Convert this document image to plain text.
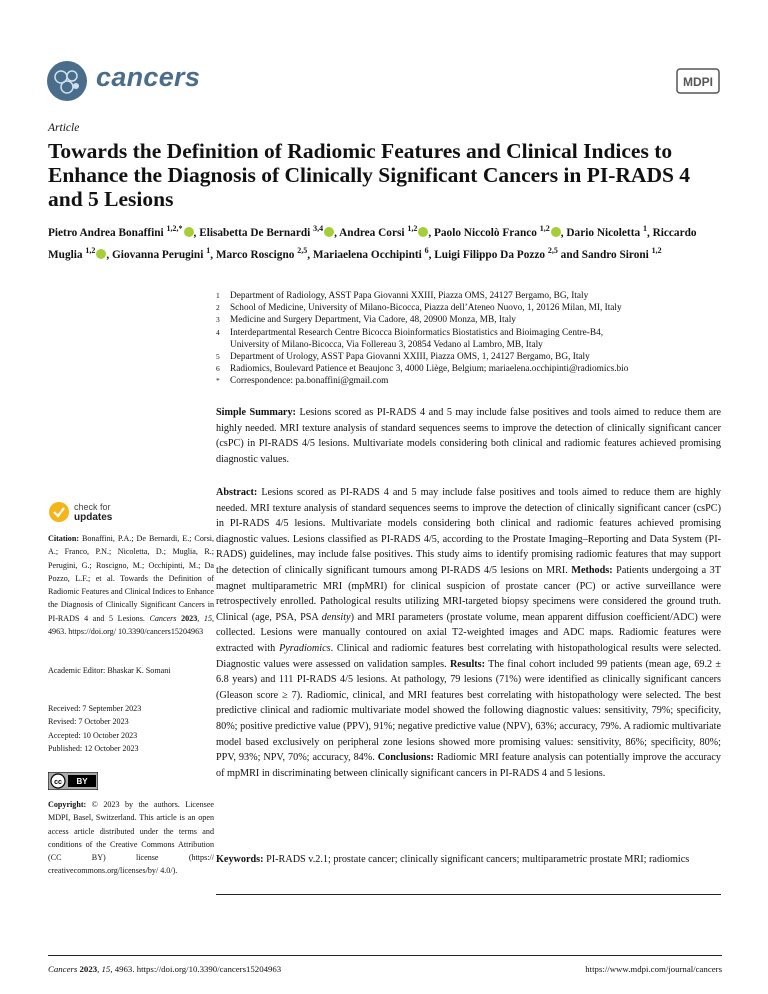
cancers	MDPI
Article
Towards the Definition of Radiomic Features and Clinical Indices to Enhance the Diagnosis of Clinically Significant Cancers in PI-RADS 4 and 5 Lesions
Pietro Andrea Bonaffini $^{1,2,*}$ , Elisabetta De Bernardi $^{3,4}$ , Andrea Corsi $^{1,2}$ , Paolo Niccolò Franco $^{1,2}$ , Dario Nicoletta $^1$, Riccardo Muglia $^{1,2}$ , Giovanna Perugini $^1$, Marco Roscigno $^{2,5}$, Mariaelena Occhipinti $^6$, Luigi Filippo Da Pozzo $^{2,5}$ and Sandro Sironi $^{1,2}$
1	Department of Radiology, ASST Papa Giovanni XXIII, Piazza OMS, 24127 Bergamo, BG, Italy
2	School of Medicine, University of Milano-Bicocca, Piazza dell’Ateneo Nuovo, 1, 20126 Milan, MI, Italy
3	Medicine and Surgery Department, Via Cadore, 48, 20900 Monza, MB, Italy
4	Interdepartmental Research Centre Bicocca Bioinformatics Biostatistics and Bioimaging Centre-B4,
University of Milano-Bicocca, Via Follereau 3, 20854 Vedano al Lambro, MB, Italy
5	Department of Urology, ASST Papa Giovanni XXIII, Piazza OMS, 1, 24127 Bergamo, BG, Italy
6	Radiomics, Boulevard Patience et Beaujonc 3, 4000 Liège, Belgium; mariaelena.occhipinti@radiomics.bio
*	Correspondence: pa.bonaffini@gmail.com
Simple Summary: Lesions scored as PI-RADS 4 and 5 may include false positives and tools aimed to reduce them are highly needed. MRI texture analysis of standard sequences seems to improve the detection of clinically significant cancer (csPC) in PI-RADS 4/5 lesions. Multivariate models considering both clinical and radiomic features achieved promising diagnostic values.
Abstract: Lesions scored as PI-RADS 4 and 5 may include false positives and tools aimed to reduce them are highly needed. MRI texture analysis of standard sequences seems to improve the detection of clinically significant cancer (csPC) in PI-RADS 4/5 lesions. Multivariate models considering both clinical and radiomic features achieved promising diagnostic values. Lesions classified as PI-RADS 4/5, according to the Prostate Imaging–Reporting and Data System (PI-RADS) guidelines, may include false positives. This study aims to identify promising radiomic features that may support the detection of clinically significant tumours among PI-RADS 4/5 lesions on MRI. Methods: Patients undergoing a 3T magnet multiparametric MRI (mpMRI) for clinical suspicion of prostate cancer (PC) or active surveillance were retrospectively enrolled. Pathological results utilizing MRI-targeted biopsy specimens were considered the ground truth. Clinical (age, PSA, PSA density) and MRI parameters (prostate volume, mean apparent diffusion coefficient/ADC) were collected. Lesions were manually contoured on axial T2-weighted images and ADC maps. Radiomic features were extracted with Pyradiomics. Clinical and radiomic features best correlating with histopathological results were selected. Diagnostic values were assessed on validation samples. Results: The final cohort included 99 patients (mean age, 69.2 ± 6.8 years) and 111 PI-RADS 4/5 lesions. At pathology, 79 lesions (71%) were identified as clinically significant cancers (Gleason score ≥ 7). Radiomic, clinical, and MRI features best correlating with histopathology were selected. The best predictive clinical and radiomic multivariate model showed the following diagnostic values: sensitivity, 79%; specificity, 80%; positive predictive value (PPV), 91%; negative predictive value (NPV), 63%; accuracy, 79%. A radiomic multivariate model based exclusively on peripheral zone lesions showed more promising values: sensitivity, 86%; specificity, 80%; PPV, 93%; NPV, 70%; accuracy, 84%. Conclusions: Radiomic MRI feature analysis can potentially improve the accuracy of mpMRI in discriminating between clinically significant cancers in PI-RADS 4 and 5 lesions.
Keywords: PI-RADS v.2.1; prostate cancer; clinically significant cancers; multiparametric prostate MRI; radiomics
check for
updates
Citation: Bonaffini, P.A.; De Bernardi, E.; Corsi, A.; Franco, P.N.; Nicoletta, D.; Muglia, R.; Perugini, G.; Roscigno, M.; Occhipinti, M.; Da Pozzo, L.F.; et al. Towards the Definition of Radiomic Features and Clinical Indices to Enhance the Diagnosis of Clinically Significant Cancers in PI-RADS 4 and 5 Lesions. Cancers 2023, 15, 4963. https://doi.org/ 10.3390/cancers15204963
Academic Editor: Bhaskar K. Somani
Received: 7 September 2023
Revised: 7 October 2023
Accepted: 10 October 2023
Published: 12 October 2023
cc BY
Copyright: © 2023 by the authors. Licensee MDPI, Basel, Switzerland. This article is an open access article distributed under the terms and conditions of the Creative Commons Attribution (CC BY) license (https:// creativecommons.org/licenses/by/ 4.0/).
Cancers 2023, 15, 4963. https://doi.org/10.3390/cancers15204963	https://www.mdpi.com/journal/cancers
